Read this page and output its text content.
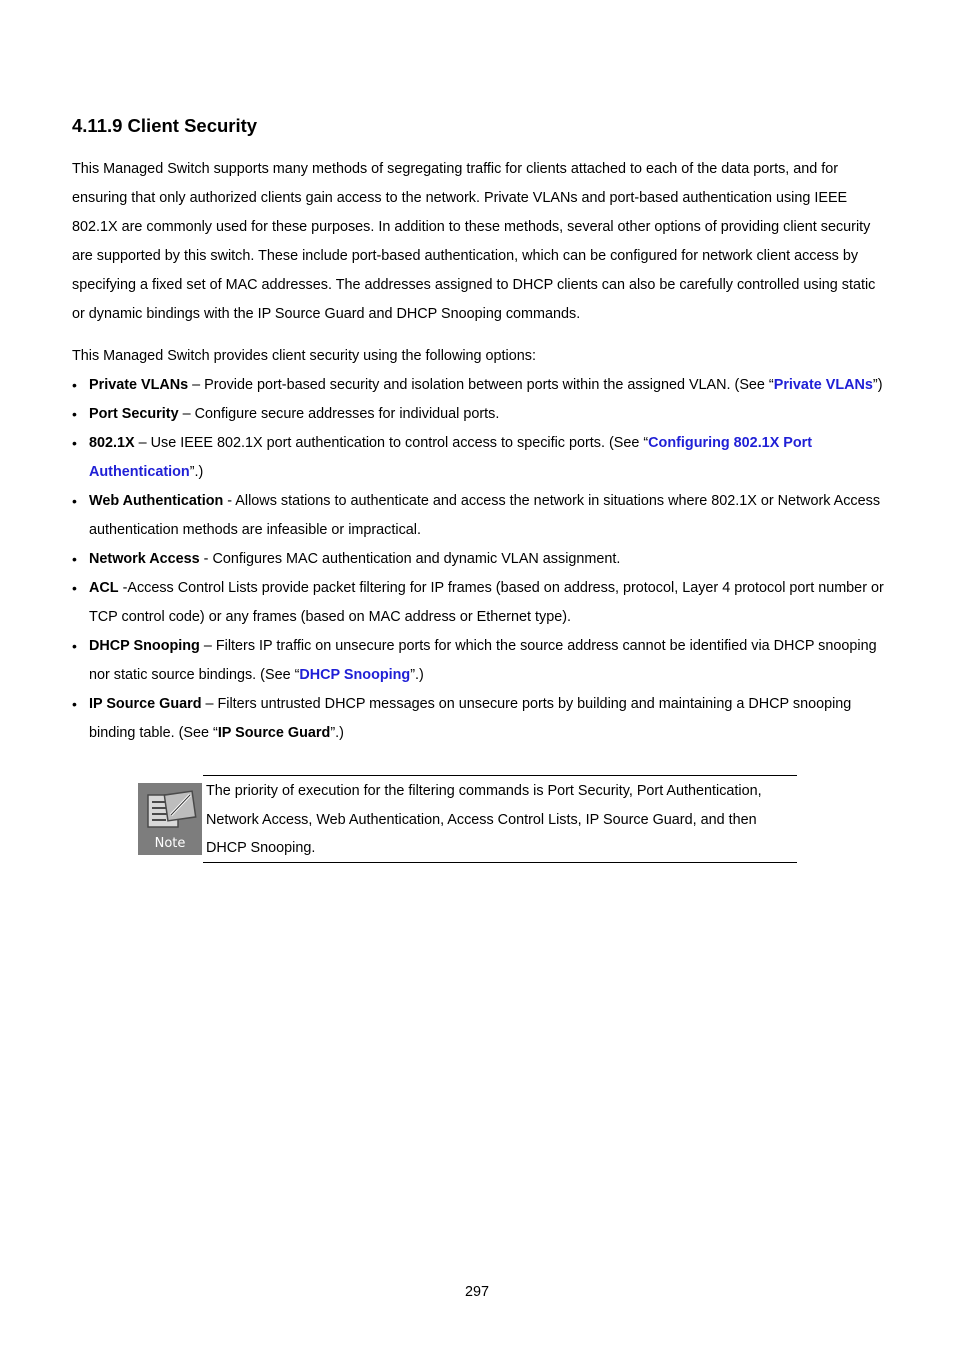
4.11.9 Client Security

This Managed Switch supports many methods of segregating traffic for clients attached to each of the data ports, and for ensuring that only authorized clients gain access to the network. Private VLANs and port-based authentication using IEEE 802.1X are commonly used for these purposes. In addition to these methods, several other options of providing client security are supported by this switch. These include port-based authentication, which can be configured for network client access by specifying a fixed set of MAC addresses. The addresses assigned to DHCP clients can also be carefully controlled using static or dynamic bindings with the IP Source Guard and DHCP Snooping commands.

This Managed Switch provides client security using the following options:

• Private VLANs – Provide port-based security and isolation between ports within the assigned VLAN. (See “Private VLANs”)
• Port Security – Configure secure addresses for individual ports.
• 802.1X – Use IEEE 802.1X port authentication to control access to specific ports. (See “Configuring 802.1X Port Authentication”.)
• Web Authentication - Allows stations to authenticate and access the network in situations where 802.1X or Network Access authentication methods are infeasible or impractical.
• Network Access - Configures MAC authentication and dynamic VLAN assignment.
• ACL -Access Control Lists provide packet filtering for IP frames (based on address, protocol, Layer 4 protocol port number or TCP control code) or any frames (based on MAC address or Ethernet type).
• DHCP Snooping – Filters IP traffic on unsecure ports for which the source address cannot be identified via DHCP snooping nor static source bindings. (See “DHCP Snooping”.)
• IP Source Guard – Filters untrusted DHCP messages on unsecure ports by building and maintaining a DHCP snooping binding table. (See “IP Source Guard”.)
Note

The priority of execution for the filtering commands is Port Security, Port Authentication, Network Access, Web Authentication, Access Control Lists, IP Source Guard, and then DHCP Snooping.

297
